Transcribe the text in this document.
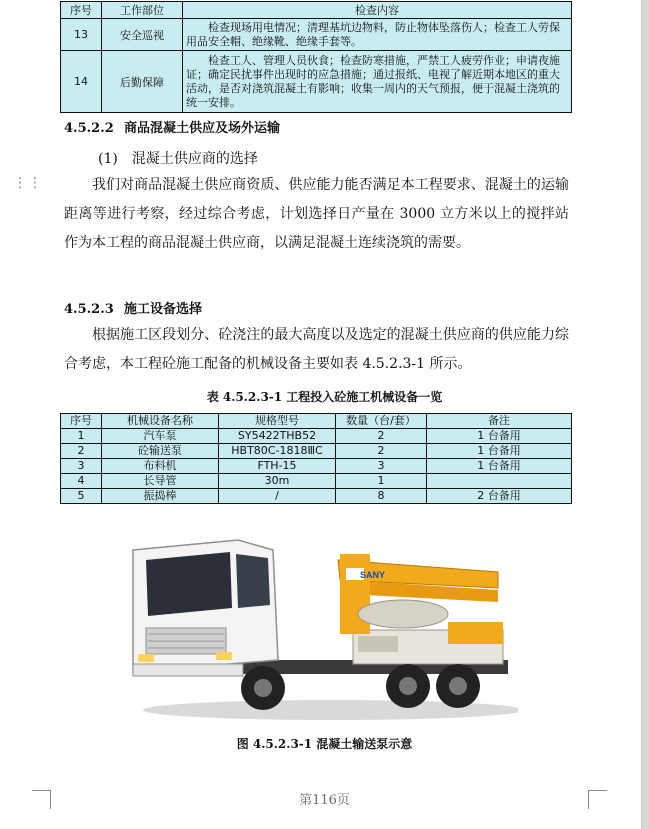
⋮⋮
序号	工作部位	检查内容
13	安全巡视	检查现场用电情况；清理基坑边物料，防止物体坠落伤人；检查工人劳保用品安全帽、绝缘靴、绝缘手套等。
14	后勤保障	检查工人、管理人员伙食；检查防寒措施，严禁工人疲劳作业；申请夜施证；确定民扰事件出现时的应急措施；通过报纸、电视了解近期本地区的重大活动，是否对浇筑混凝土有影响；收集一周内的天气预报，便于混凝土浇筑的统一安排。
4.5.2.2 商品混凝土供应及场外运输
(1)　混凝土供应商的选择
我们对商品混凝土供应商资质、供应能力能否满足本工程要求、混凝土的运输距离等进行考察，经过综合考虑，计划选择日产量在 3000 立方米以上的搅拌站作为本工程的商品混凝土供应商，以满足混凝土连续浇筑的需要。
4.5.2.3 施工设备选择
根据施工区段划分、砼浇注的最大高度以及选定的混凝土供应商的供应能力综合考虑，本工程砼施工配备的机械设备主要如表 4.5.2.3-1 所示。
表 4.5.2.3-1 工程投入砼施工机械设备一览
序号	机械设备名称	规格型号	数量（台/套）	备注
1	汽车泵	SY5422THB52	2	1 台备用
2	砼输送泵	HBT80C-1818ⅢC	2	1 台备用
3	布料机	FTH-15	3	1 台备用
4	长导管	30m	1	
5	振捣棒	/	8	2 台备用
SANY
图 4.5.2.3-1 混凝土输送泵示意
第116页
